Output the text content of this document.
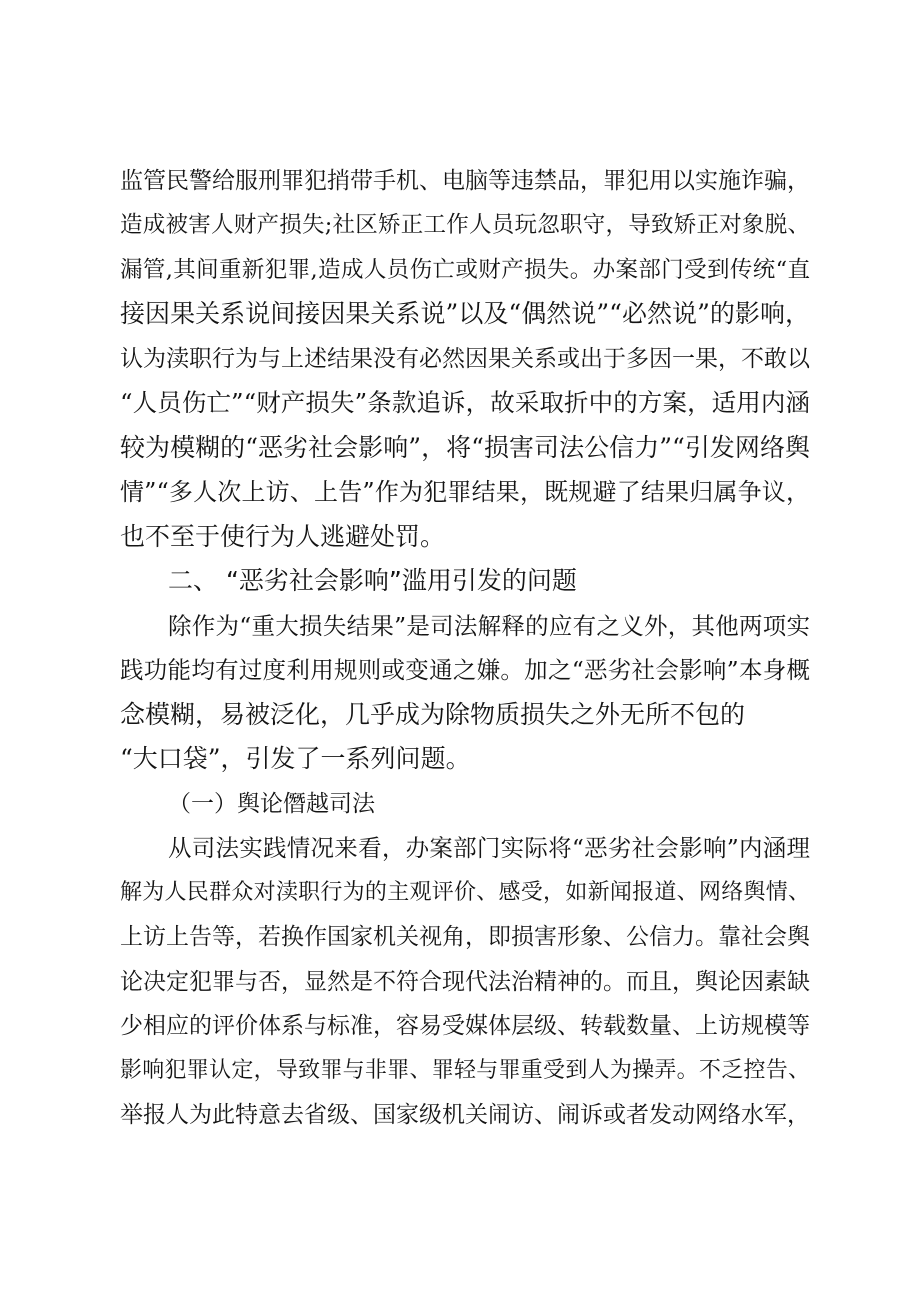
监管民警给服刑罪犯捎带手机、电脑等违禁品，罪犯用以实施诈骗，
造成被害人财产损失;社区矫正工作人员玩忽职守，导致矫正对象脱、
漏管,其间重新犯罪,造成人员伤亡或财产损失。办案部门受到传统“直
接因果关系说间接因果关系说”以及“偶然说”“必然说”的影响，
认为渎职行为与上述结果没有必然因果关系或出于多因一果，不敢以
“人员伤亡”“财产损失”条款追诉，故采取折中的方案，适用内涵
较为模糊的“恶劣社会影响”，将“损害司法公信力”“引发网络舆
情”“多人次上访、上告”作为犯罪结果，既规避了结果归属争议，
也不至于使行为人逃避处罚。
二、 “恶劣社会影响”滥用引发的问题
除作为“重大损失结果”是司法解释的应有之义外，其他两项实
践功能均有过度利用规则或变通之嫌。加之“恶劣社会影响”本身概
念模糊，易被泛化，几乎成为除物质损失之外无所不包的
“大口袋”，引发了一系列问题。
（一）舆论僭越司法
从司法实践情况来看，办案部门实际将“恶劣社会影响”内涵理
解为人民群众对渎职行为的主观评价、感受，如新闻报道、网络舆情、
上访上告等，若换作国家机关视角，即损害形象、公信力。靠社会舆
论决定犯罪与否，显然是不符合现代法治精神的。而且，舆论因素缺
少相应的评价体系与标准，容易受媒体层级、转载数量、上访规模等
影响犯罪认定，导致罪与非罪、罪轻与罪重受到人为操弄。不乏控告、
举报人为此特意去省级、国家级机关闹访、闹诉或者发动网络水军，
